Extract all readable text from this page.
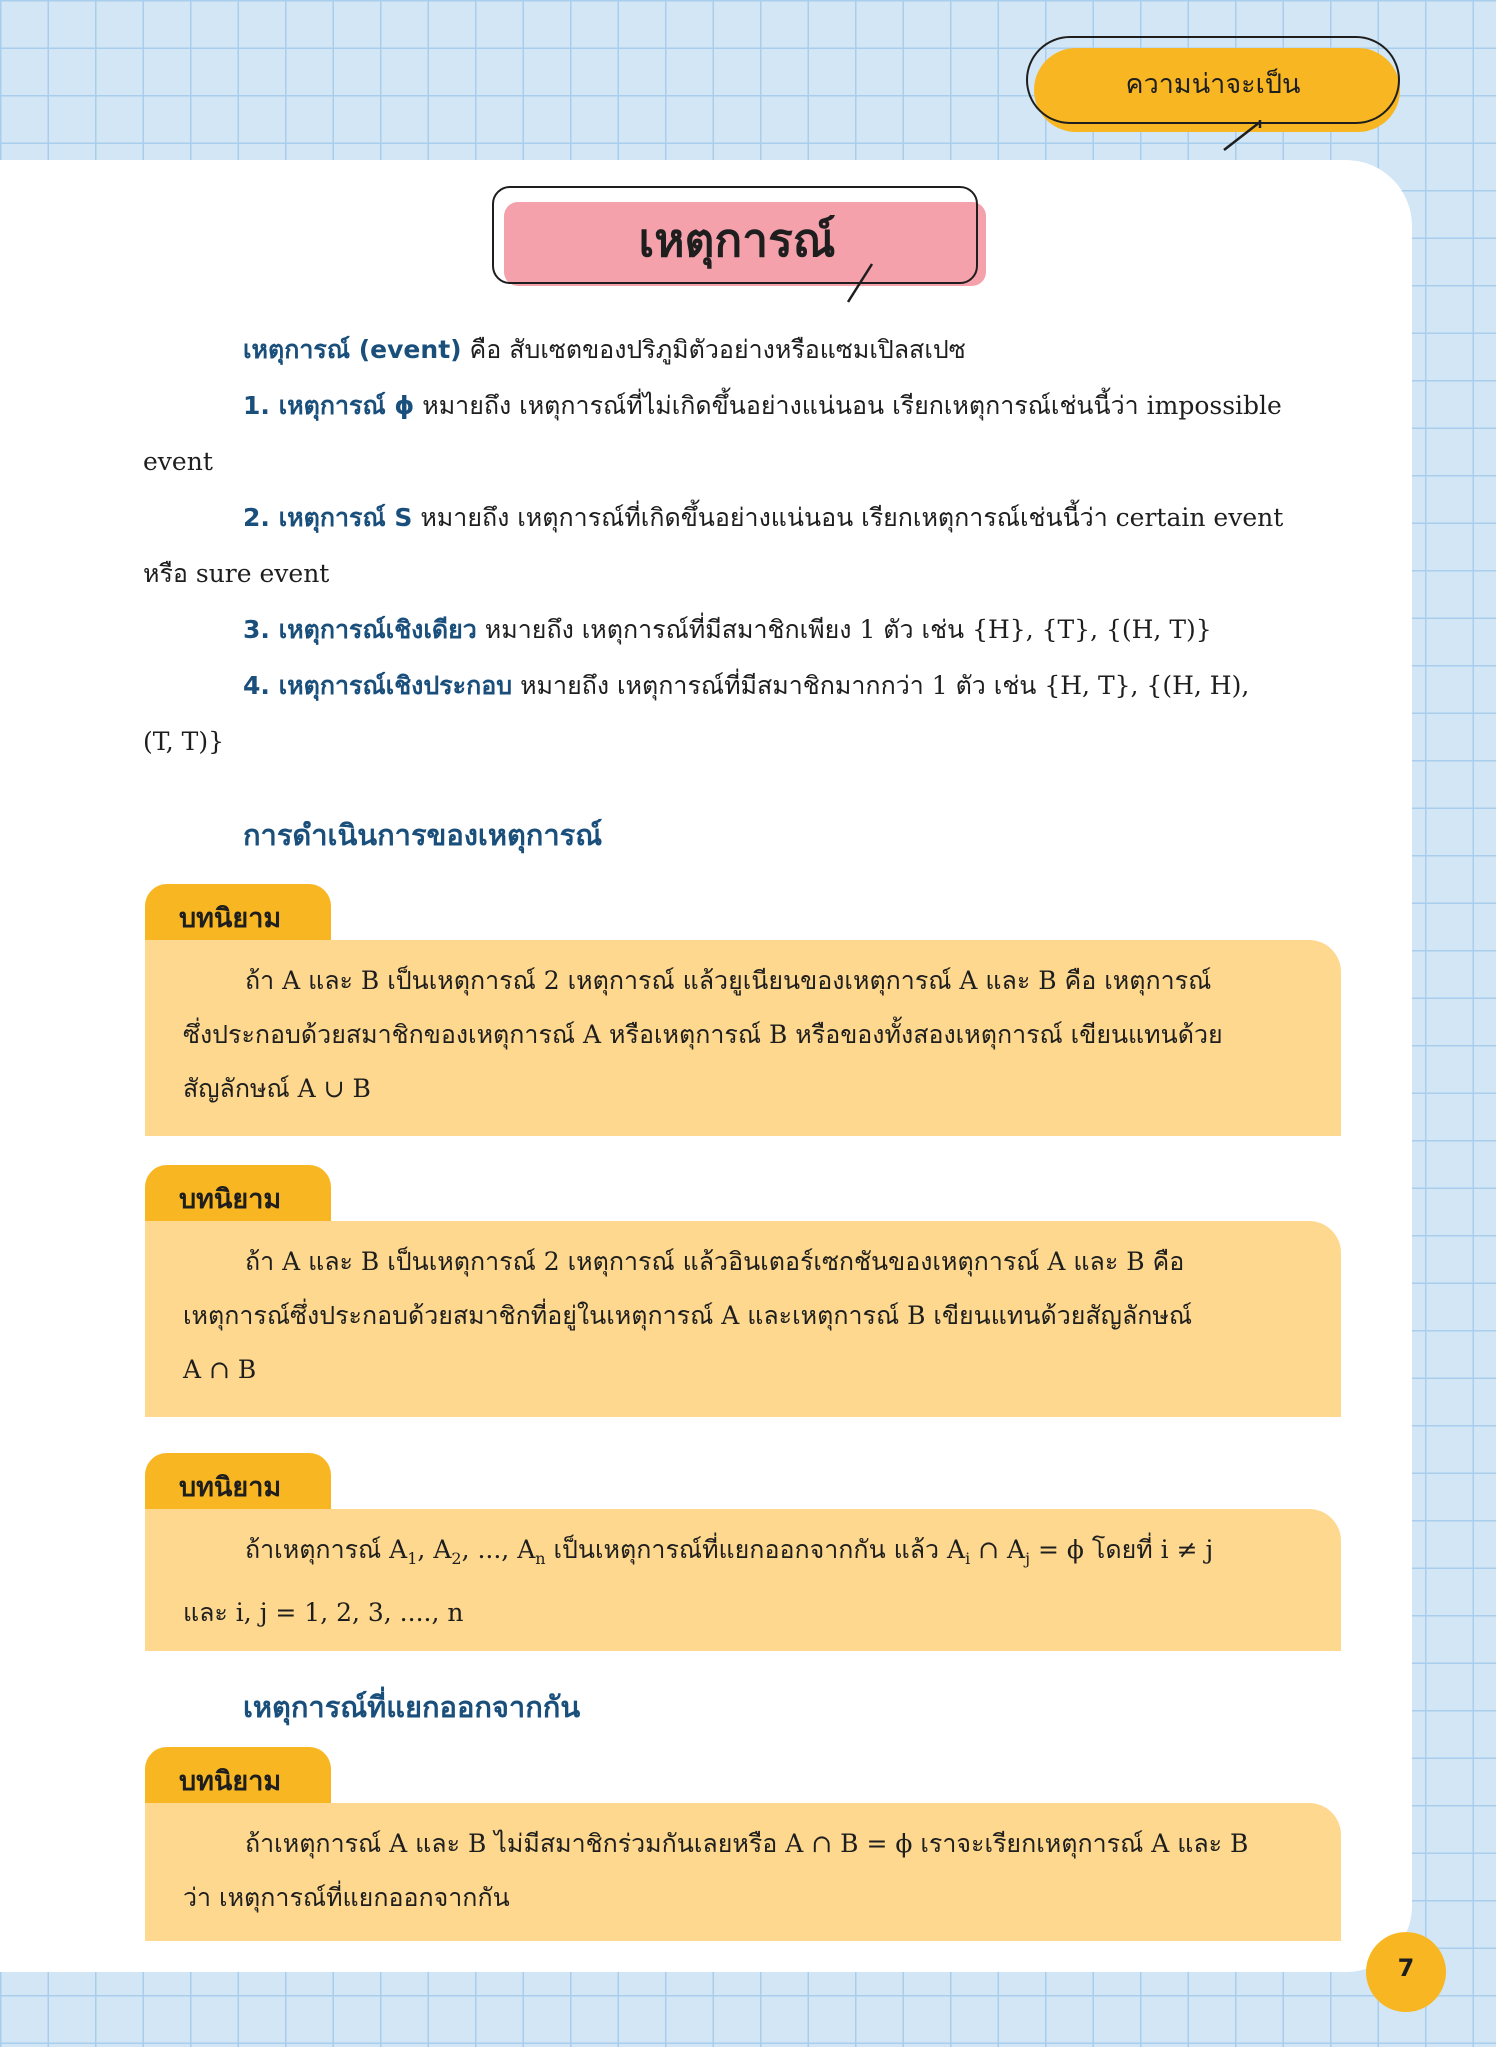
ความน่าจะเป็น
เหตุการณ์
เหตุการณ์ (event) คือ สับเซตของปริภูมิตัวอย่างหรือแซมเปิลสเปซ
1. เหตุการณ์ ϕ หมายถึง เหตุการณ์ที่ไม่เกิดขึ้นอย่างแน่นอน เรียกเหตุการณ์เช่นนี้ว่า impossible
event
2. เหตุการณ์ S หมายถึง เหตุการณ์ที่เกิดขึ้นอย่างแน่นอน เรียกเหตุการณ์เช่นนี้ว่า certain event
หรือ sure event
3. เหตุการณ์เชิงเดียว หมายถึง เหตุการณ์ที่มีสมาชิกเพียง 1 ตัว เช่น {H}, {T}, {(H, T)}
4. เหตุการณ์เชิงประกอบ หมายถึง เหตุการณ์ที่มีสมาชิกมากกว่า 1 ตัว เช่น {H, T}, {(H, H),
(T, T)}
การดำเนินการของเหตุการณ์
บทนิยาม
ถ้า A และ B เป็นเหตุการณ์ 2 เหตุการณ์ แล้วยูเนียนของเหตุการณ์ A และ B คือ เหตุการณ์
ซึ่งประกอบด้วยสมาชิกของเหตุการณ์ A หรือเหตุการณ์ B หรือของทั้งสองเหตุการณ์ เขียนแทนด้วย
สัญลักษณ์ A ∪ B
บทนิยาม
ถ้า A และ B เป็นเหตุการณ์ 2 เหตุการณ์ แล้วอินเตอร์เซกชันของเหตุการณ์ A และ B คือ
เหตุการณ์ซึ่งประกอบด้วยสมาชิกที่อยู่ในเหตุการณ์ A และเหตุการณ์ B เขียนแทนด้วยสัญลักษณ์
A ∩ B
บทนิยาม
ถ้าเหตุการณ์ $A_1$, $A_2$, ..., $A_n$ เป็นเหตุการณ์ที่แยกออกจากกัน แล้ว $A_i$ ∩ $A_j = \phi$ โดยที่ i ≠ j
และ i, j = 1, 2, 3, ...., n
เหตุการณ์ที่แยกออกจากกัน
บทนิยาม
ถ้าเหตุการณ์ A และ B ไม่มีสมาชิกร่วมกันเลยหรือ A ∩ B = ϕ เราจะเรียกเหตุการณ์ A และ B
ว่า เหตุการณ์ที่แยกออกจากกัน
7
